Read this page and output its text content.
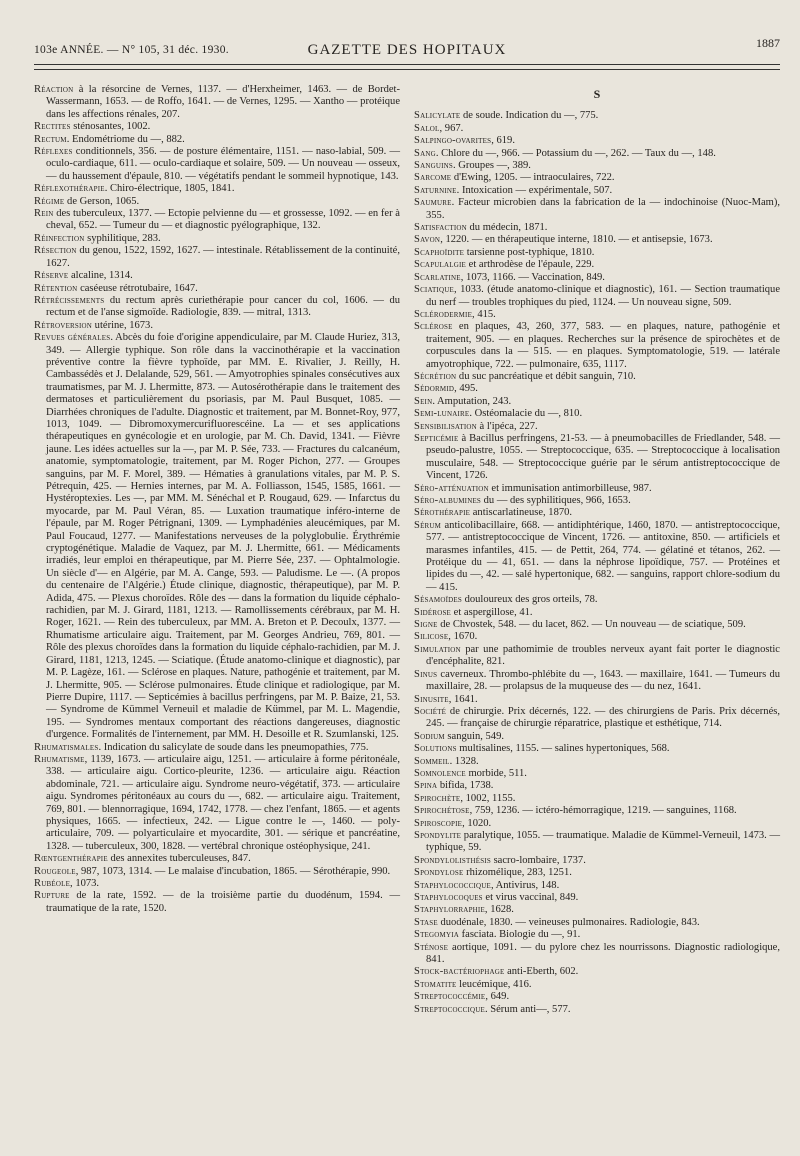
103e ANNÉE. — N° 105, 31 déc. 1930.	GAZETTE DES HOPITAUX	1887

Réaction à la résorcine de Vernes, 1137. — d'Herxheimer, 1463. — de Bordet-Wassermann, 1653. — de Roffo, 1641. — de Vernes, 1295. — Xantho — protéique dans les affections rénales, 207.

Rectites sténosantes, 1002.

Rectum. Endométriome du —, 882.

Réflexes conditionnels, 356. — de posture élémentaire, 1151. — naso-labial, 509. — oculo-cardiaque, 611. — oculo-cardiaque et solaire, 509. — Un nouveau — osseux, — du haussement d'épaule, 810. — végétatifs pendant le sommeil hypnotique, 143.

Réflexothérapie. Chiro-électrique, 1805, 1841.

Régime de Gerson, 1065.

Rein des tuberculeux, 1377. — Ectopie pelvienne du — et grossesse, 1092. — en fer à cheval, 652. — Tumeur du — et diagnostic pyélographique, 132.

Réinfection syphilitique, 283.

Résection du genou, 1522, 1592, 1627. — intestinale. Rétablissement de la continuité, 1627.

Réserve alcaline, 1314.

Rétention caséeuse rétrotubaire, 1647.

Rétrécissements du rectum après curiethérapie pour cancer du col, 1606. — du rectum et de l'anse sigmoïde. Radiologie, 839. — mitral, 1313.

Rétroversion utérine, 1673.

Revues générales. Abcès du foie d'origine appendiculaire, par M. Claude Huriez, 313, 349. — Allergie typhique. Son rôle dans la vaccinothérapie et la vaccination préventive contre la fièvre typhoïde, par MM. E. Rivalier, J. Reilly, H. Cambassédès et J. Delalande, 529, 561. — Amyotrophies spinales consécutives aux traumatismes, par M. J. Lhermitte, 873. — Autosérothérapie dans le traitement des dermatoses et particulièrement du psoriasis, par M. Paul Busquet, 1085. — Diarrhées chroniques de l'adulte. Diagnostic et traitement, par M. Bonnet-Roy, 977, 1013, 1049. — Dibromoxymercurifluorescéine. La — et ses applications thérapeutiques en gynécologie et en urologie, par M. Ch. David, 1341. — Fièvre jaune. Les idées actuelles sur la —, par M. P. Sée, 733. — Fractures du calcanéum, anatomie, symptomatologie, traitement, par M. Roger Pichon, 277. — Groupes sanguins, par M. F. Morel, 389. — Hématies à granulations vitales, par M. P. S. Pétrequin, 425. — Hernies internes, par M. A. Folliasson, 1545, 1585, 1661. — Hystéroptexies. Les —, par MM. M. Sénéchal et P. Rougaud, 629. — Infarctus du myocarde, par M. Paul Véran, 85. — Luxation traumatique inféro-interne de l'épaule, par M. Roger Pétrignani, 1309. — Lymphadénies aleucémiques, par M. Paul Foucaud, 1277. — Manifestations nerveuses de la polyglobulie. Érythrémie cryptogénétique. Maladie de Vaquez, par M. J. Lhermitte, 661. — Médicaments irradiés, leur emploi en thérapeutique, par M. Pierre Sée, 237. — Ophtalmologie. Un siècle d'— en Algérie, par M. A. Cange, 593. — Paludisme. Le —. (A propos du centenaire de l'Algérie.) Étude clinique, diagnostic, thérapeutique), par M. P. Adida, 475. — Plexus choroïdes. Rôle des — dans la formation du liquide céphalo-rachidien, par M. J. Girard, 1181, 1213. — Ramollissements cérébraux, par M. H. Roger, 1621. — Rein des tuberculeux, par MM. A. Breton et P. Decoulx, 1377. — Rhumatisme articulaire aigu. Traitement, par M. Georges Andrieu, 769, 801. — Rôle des plexus choroïdes dans la formation du liquide céphalo-rachidien, par M. J. Girard, 1181, 1213, 1245. — Sciatique. (Étude anatomo-clinique et diagnostic), par M. P. Lagèze, 161. — Sclérose en plaques. Nature, pathogénie et traitement, par M. J. Lhermitte, 905. — Sclérose pulmonaires. Étude clinique et radiologique, par M. Pierre Dupire, 1117. — Septicémies à bacillus perfringens, par M. P. Baize, 21, 53. — Syndrome de Kümmel Verneuil et maladie de Kümmel, par M. L. Magendie, 195. — Syndromes mentaux comportant des réactions dangereuses, diagnostic d'urgence. Formalités de l'internement, par MM. H. Desoille et R. Szumlanski, 125.

Rhumatismales. Indication du salicylate de soude dans les pneumopathies, 775.

Rhumatisme, 1139, 1673. — articulaire aigu, 1251. — articulaire à forme péritonéale, 338. — articulaire aigu. Cortico-pleurite, 1236. — articulaire aigu. Réaction abdominale, 721. — articulaire aigu. Syndrome neuro-végétatif, 373. — articulaire aigu. Syndromes péritonéaux au cours du —, 682. — articulaire aigu. Traitement, 769, 801. — blennorragique, 1694, 1742, 1778. — chez l'enfant, 1865. — et agents physiques, 1665. — infectieux, 242. — Ligue contre le —, 1460. — poly-articulaire, 709. — polyarticulaire et myocardite, 301. — sérique et pancréatine, 1328. — tuberculeux, 300, 1828. — vertébral chronique ostéophysique, 241.

Rœntgenthérapie des annexites tuberculeuses, 847.

Rougeole, 987, 1073, 1314. — Le malaise d'incubation, 1865. — Sérothérapie, 990.

Rubéole, 1073.

Rupture de la rate, 1592. — de la troisième partie du duodénum, 1594. — traumatique de la rate, 1520.

S

Salicylate de soude. Indication du —, 775.

Salol, 967.

Salpingo-ovarites, 619.

Sang. Chlore du —, 966. — Potassium du —, 262. — Taux du —, 148.

Sanguins. Groupes —, 389.

Sarcome d'Ewing, 1205. — intraoculaires, 722.

Saturnine. Intoxication — expérimentale, 507.

Saumure. Facteur microbien dans la fabrication de la — indochinoise (Nuoc-Mam), 355.

Satisfaction du médecin, 1871.

Savon, 1220. — en thérapeutique interne, 1810. — et antisepsie, 1673.

Scaphoïdite tarsienne post-typhique, 1810.

Scapulalgie et arthrodèse de l'épaule, 229.

Scarlatine, 1073, 1166. — Vaccination, 849.

Sciatique, 1033. (étude anatomo-clinique et diagnostic), 161. — Section traumatique du nerf — troubles trophiques du pied, 1124. — Un nouveau signe, 509.

Sclérodermie, 415.

Sclérose en plaques, 43, 260, 377, 583. — en plaques, nature, pathogénie et traitement, 905. — en plaques. Recherches sur la présence de spirochètes et de corpuscules dans la — 515. — en plaques. Symptomatologie, 519. — latérale amyotrophique, 722. — pulmonaire, 635, 1117.

Sécrétion du suc pancréatique et débit sanguin, 710.

Sédormid, 495.

Sein. Amputation, 243.

Semi-lunaire. Ostéomalacie du —, 810.

Sensibilisation à l'ipéca, 227.

Septicémie à Bacillus perfringens, 21-53. — à pneumobacilles de Friedlander, 548. — pseudo-palustre, 1055. — Streptococcique, 635. — Streptococcique à localisation musculaire, 548. — Streptococcique guérie par le sérum antistreptococcique de Vincent, 1726.

Séro-atténuation et immunisation antimorbilleuse, 987.

Séro-albumines du — des syphilitiques, 966, 1653.

Sérothérapie antiscarlatineuse, 1870.

Sérum anticolibacillaire, 668. — antidiphtérique, 1460, 1870. — antistreptococcique, 577. — antistreptococcique de Vincent, 1726. — antitoxine, 850. — artificiels et marasmes infantiles, 415. — de Pettit, 264, 774. — gélatiné et tétanos, 262. — Protéique du — 41, 651. — dans la néphrose lipoïdique, 757. — Protéines et lipides du —, 42. — salé hypertonique, 682. — sanguins, rapport chlore-sodium du — 415.

Sésamoïdes douloureux des gros orteils, 78.

Sidérose et aspergillose, 41.

Signe de Chvostek, 548. — du lacet, 862. — Un nouveau — de sciatique, 509.

Silicose, 1670.

Simulation par une pathomimie de troubles nerveux ayant fait porter le diagnostic d'encéphalite, 821.

Sinus caverneux. Thrombo-phlébite du —, 1643. — maxillaire, 1641. — Tumeurs du maxillaire, 28. — prolapsus de la muqueuse des — du nez, 1641.

Sinusite, 1641.

Société de chirurgie. Prix décernés, 122. — des chirurgiens de Paris. Prix décernés, 245. — française de chirurgie réparatrice, plastique et esthétique, 714.

Sodium sanguin, 549.

Solutions multisalines, 1155. — salines hypertoniques, 568.

Sommeil. 1328.

Somnolence morbide, 511.

Spina bifida, 1738.

Spirochète, 1002, 1155.

Spirochétose, 759, 1236. — ictéro-hémorragique, 1219. — sanguines, 1168.

Spiroscopie, 1020.

Spondylite paralytique, 1055. — traumatique. Maladie de Kümmel-Verneuil, 1473. — typhique, 59.

Spondylolisthésis sacro-lombaire, 1737.

Spondylose rhizomélique, 283, 1251.

Staphylococcique, Antivirus, 148.

Staphylocoques et virus vaccinal, 849.

Staphylorraphie, 1628.

Stase duodénale, 1830. — veineuses pulmonaires. Radiologie, 843.

Stegomyia fasciata. Biologie du —, 91.

Sténose aortique, 1091. — du pylore chez les nourrissons. Diagnostic radiologique, 841.

Stock-bactériophage anti-Eberth, 602.

Stomatite leucémique, 416.

Streptococcémie, 649.

Streptococcique. Sérum anti—, 577.
